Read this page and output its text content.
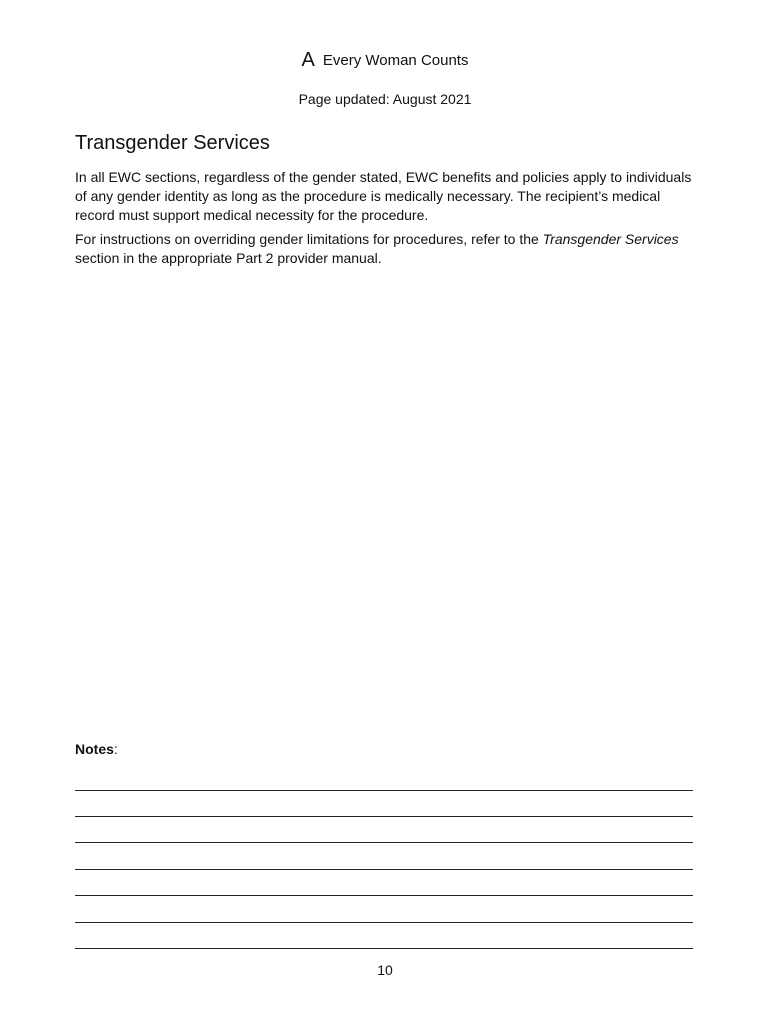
A Every Woman Counts
Page updated: August 2021
Transgender Services

In all EWC sections, regardless of the gender stated, EWC benefits and policies apply to individuals of any gender identity as long as the procedure is medically necessary. The recipient’s medical record must support medical necessity for the procedure.

For instructions on overriding gender limitations for procedures, refer to the Transgender Services section in the appropriate Part 2 provider manual.

Notes:
10
